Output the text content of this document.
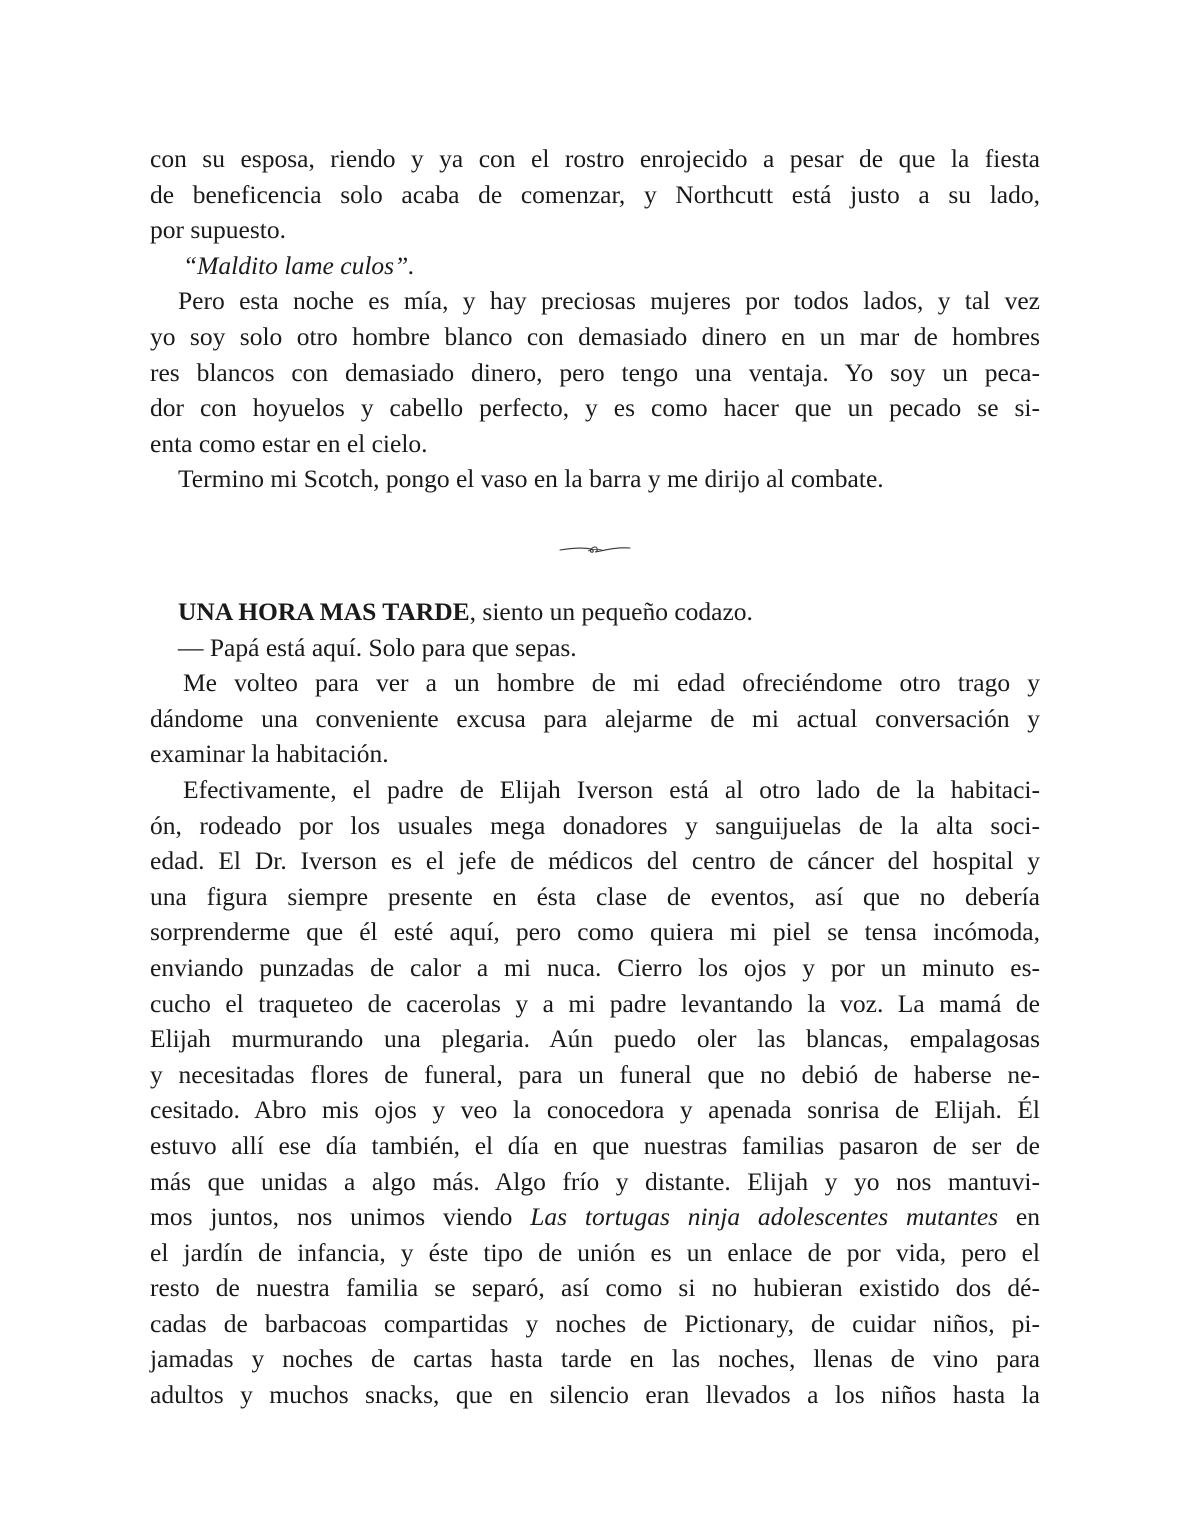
con su esposa, riendo y ya con el rostro enrojecido a pesar de que la fiesta
de beneficencia solo acaba de comenzar, y Northcutt está justo a su lado,
por supuesto.

“Maldito lame culos”.

Pero esta noche es mía, y hay preciosas mujeres por todos lados, y tal vez
yo soy solo otro hombre blanco con demasiado dinero en un mar de hombres
res blancos con demasiado dinero, pero tengo una ventaja. Yo soy un peca-
dor con hoyuelos y cabello perfecto, y es como hacer que un pecado se si-
enta como estar en el cielo.

Termino mi Scotch, pongo el vaso en la barra y me dirijo al combate.

UNA HORA MAS TARDE, siento un pequeño codazo.

— Papá está aquí. Solo para que sepas.

Me volteo para ver a un hombre de mi edad ofreciéndome otro trago y
dándome una conveniente excusa para alejarme de mi actual conversación y
examinar la habitación.

Efectivamente, el padre de Elijah Iverson está al otro lado de la habitaci-
ón, rodeado por los usuales mega donadores y sanguijuelas de la alta soci-
edad. El Dr. Iverson es el jefe de médicos del centro de cáncer del hospital y
una figura siempre presente en ésta clase de eventos, así que no debería
sorprenderme que él esté aquí, pero como quiera mi piel se tensa incómoda,
enviando punzadas de calor a mi nuca. Cierro los ojos y por un minuto es-
cucho el traqueteo de cacerolas y a mi padre levantando la voz. La mamá de
Elijah murmurando una plegaria. Aún puedo oler las blancas, empalagosas
y necesitadas flores de funeral, para un funeral que no debió de haberse ne-
cesitado. Abro mis ojos y veo la conocedora y apenada sonrisa de Elijah. Él
estuvo allí ese día también, el día en que nuestras familias pasaron de ser de
más que unidas a algo más. Algo frío y distante. Elijah y yo nos mantuvi-
mos juntos, nos unimos viendo Las tortugas ninja adolescentes mutantes en
el jardín de infancia, y éste tipo de unión es un enlace de por vida, pero el
resto de nuestra familia se separó, así como si no hubieran existido dos dé-
cadas de barbacoas compartidas y noches de Pictionary, de cuidar niños, pi-
jamadas y noches de cartas hasta tarde en las noches, llenas de vino para
adultos y muchos snacks, que en silencio eran llevados a los niños hasta la
